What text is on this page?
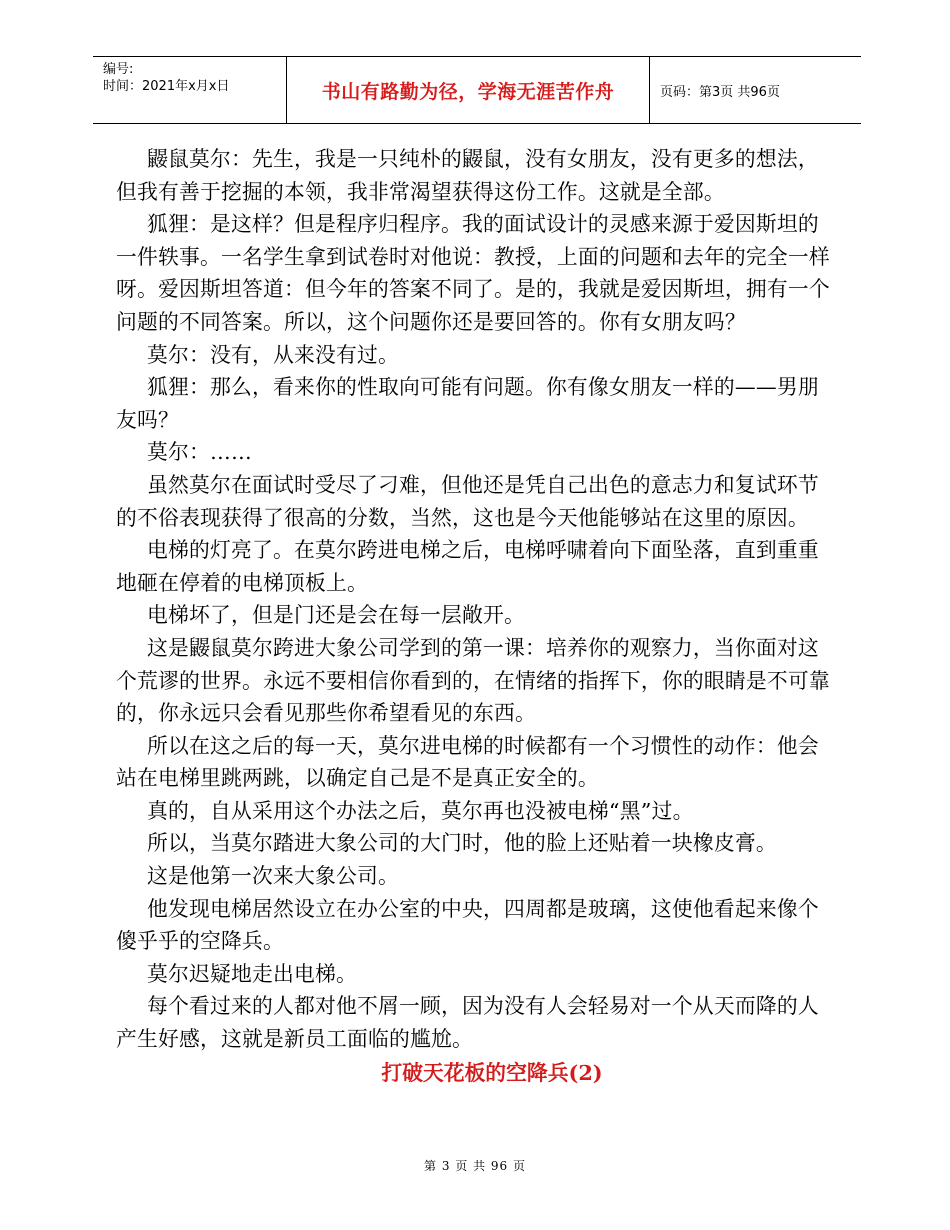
编号:
时间：2021年x月x日	书山有路勤为径，学海无涯苦作舟	页码：第3页 共96页

鼹鼠莫尔：先生，我是一只纯朴的鼹鼠，没有女朋友，没有更多的想法，但我有善于挖掘的本领，我非常渴望获得这份工作。这就是全部。

狐狸：是这样？但是程序归程序。我的面试设计的灵感来源于爱因斯坦的一件轶事。一名学生拿到试卷时对他说：教授，上面的问题和去年的完全一样呀。爱因斯坦答道：但今年的答案不同了。是的，我就是爱因斯坦，拥有一个问题的不同答案。所以，这个问题你还是要回答的。你有女朋友吗？

莫尔：没有，从来没有过。

狐狸：那么，看来你的性取向可能有问题。你有像女朋友一样的——男朋友吗？

莫尔：……

虽然莫尔在面试时受尽了刁难，但他还是凭自己出色的意志力和复试环节的不俗表现获得了很高的分数，当然，这也是今天他能够站在这里的原因。

电梯的灯亮了。在莫尔跨进电梯之后，电梯呼啸着向下面坠落，直到重重地砸在停着的电梯顶板上。

电梯坏了，但是门还是会在每一层敞开。

这是鼹鼠莫尔跨进大象公司学到的第一课：培养你的观察力，当你面对这个荒谬的世界。永远不要相信你看到的，在情绪的指挥下，你的眼睛是不可靠的，你永远只会看见那些你希望看见的东西。

所以在这之后的每一天，莫尔进电梯的时候都有一个习惯性的动作：他会站在电梯里跳两跳，以确定自己是不是真正安全的。

真的，自从采用这个办法之后，莫尔再也没被电梯“黑”过。

所以，当莫尔踏进大象公司的大门时，他的脸上还贴着一块橡皮膏。

这是他第一次来大象公司。

他发现电梯居然设立在办公室的中央，四周都是玻璃，这使他看起来像个傻乎乎的空降兵。

莫尔迟疑地走出电梯。

每个看过来的人都对他不屑一顾，因为没有人会轻易对一个从天而降的人产生好感，这就是新员工面临的尴尬。

打破天花板的空降兵(2)
第 3 页 共 96 页
